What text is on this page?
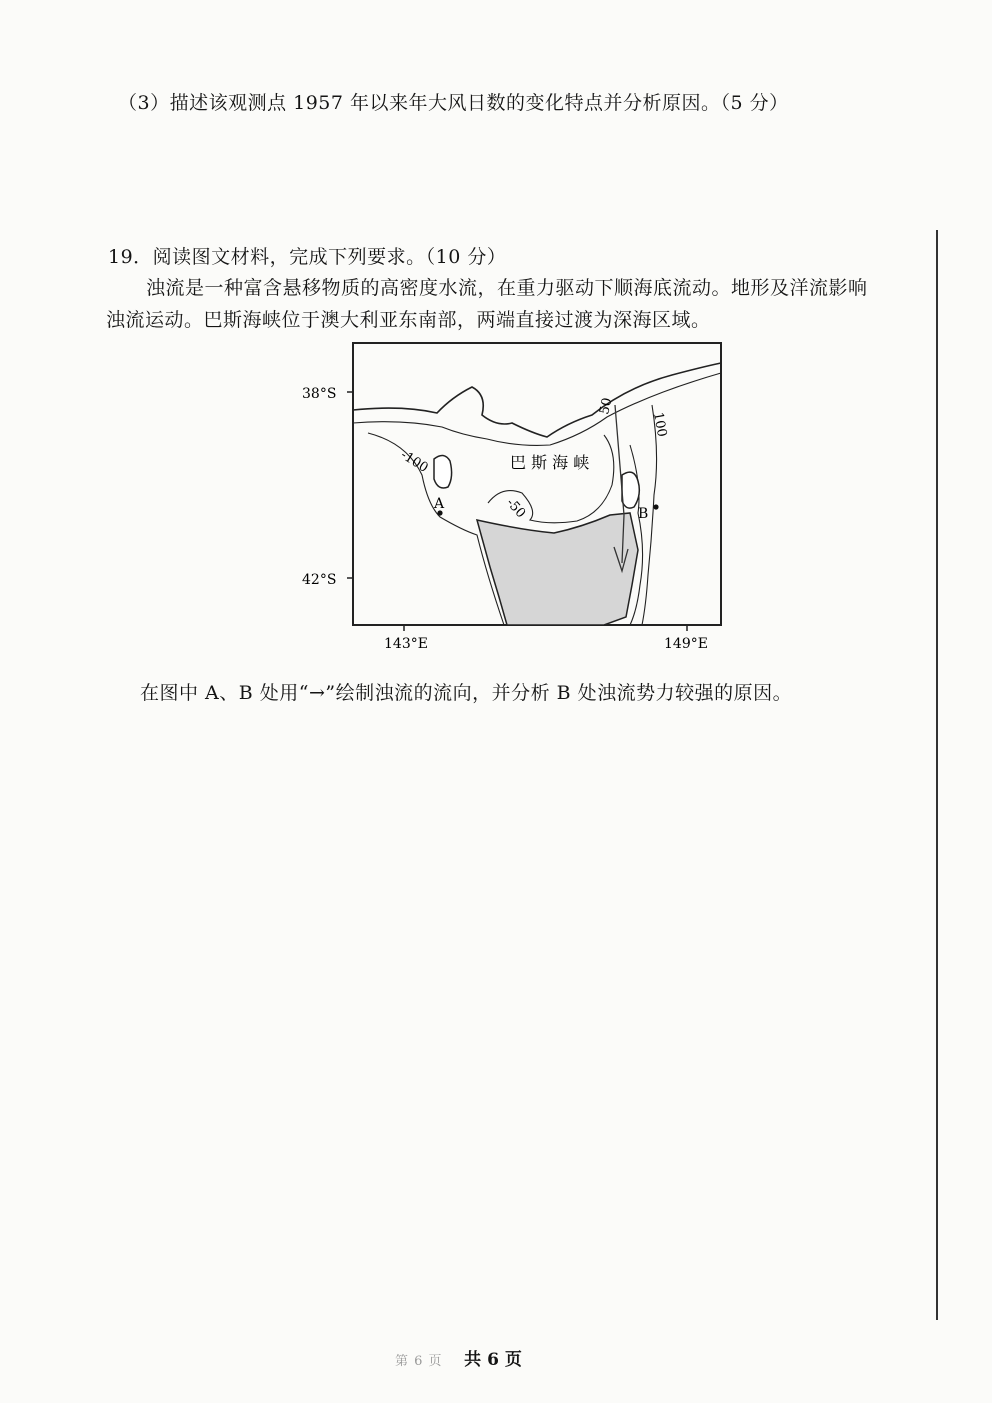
（3）描述该观测点 1957 年以来年大风日数的变化特点并分析原因。（5 分）
19．阅读图文材料，完成下列要求。（10 分）
浊流是一种富含悬移物质的高密度水流，在重力驱动下顺海底流动。地形及洋流影响
浊流运动。巴斯海峡位于澳大利亚东南部，两端直接过渡为深海区域。
38°S
42°S
143°E	149°E
巴 斯 海 峡
A
B
-100
-50
50
100
在图中 A、B 处用“→”绘制浊流的流向，并分析 B 处浊流势力较强的原因。
第 6 页 共 6 页
